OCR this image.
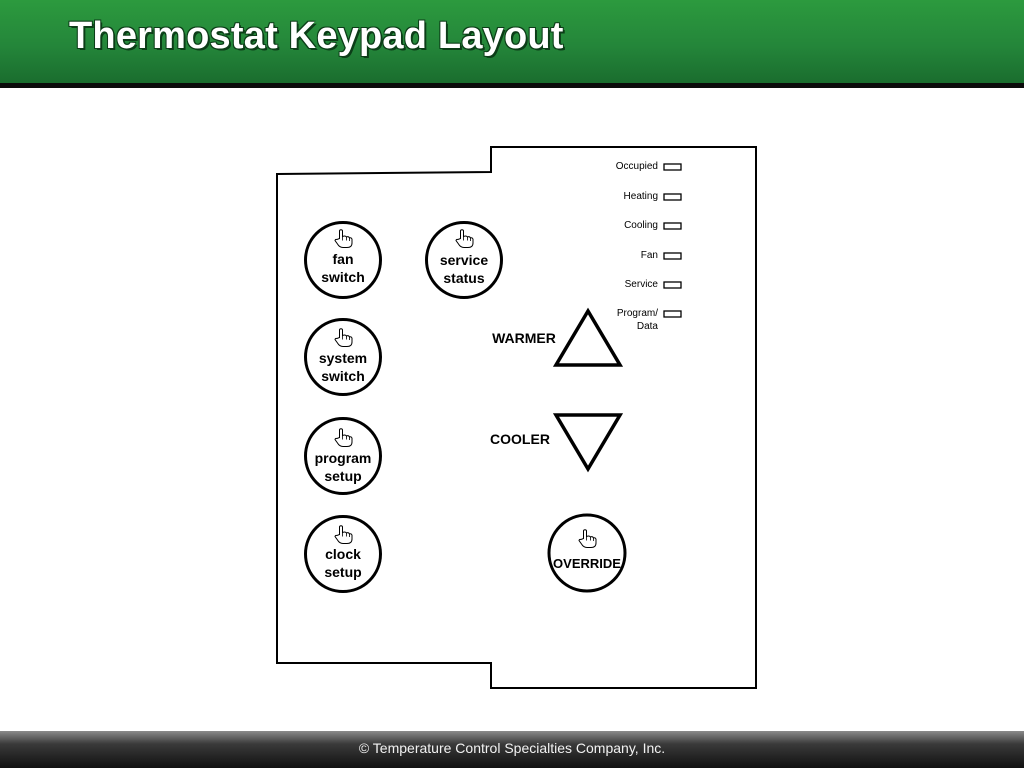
Thermostat Keypad Layout
fan
switch
service
status
system
switch
program
setup
clock
setup
WARMER
COOLER
OVERRIDE
Occupied
Heating
Cooling
Fan
Service
Program/
Data
© Temperature Control Specialties Company, Inc.
